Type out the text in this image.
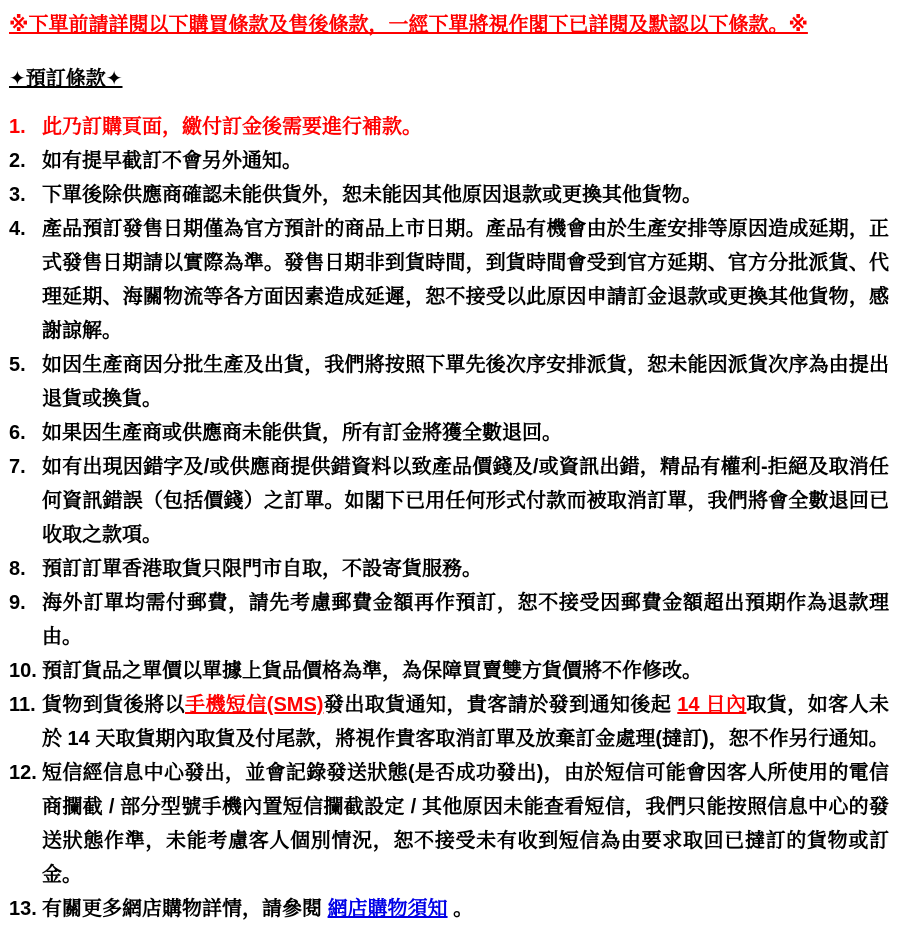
※下單前請詳閱以下購買條款及售後條款，一經下單將視作閣下已詳閱及默認以下條款。※
✦預訂條款✦
1. 此乃訂購頁面，繳付訂金後需要進行補款。
2. 如有提早截訂不會另外通知。
3. 下單後除供應商確認未能供貨外，恕未能因其他原因退款或更換其他貨物。
4. 產品預訂發售日期僅為官方預計的商品上市日期。產品有機會由於生產安排等原因造成延期，正式發售日期請以實際為準。發售日期非到貨時間，到貨時間會受到官方延期、官方分批派貨、代理延期、海關物流等各方面因素造成延遲，恕不接受以此原因申請訂金退款或更換其他貨物，感謝諒解。
5. 如因生產商因分批生產及出貨，我們將按照下單先後次序安排派貨，恕未能因派貨次序為由提出退貨或換貨。
6. 如果因生產商或供應商未能供貨，所有訂金將獲全數退回。
7. 如有出現因錯字及/或供應商提供錯資料以致產品價錢及/或資訊出錯，精品有權利-拒絕及取消任何資訊錯誤（包括價錢）之訂單。如閣下已用任何形式付款而被取消訂單，我們將會全數退回已收取之款項。
8. 預訂訂單香港取貨只限門市自取，不設寄貨服務。
9. 海外訂單均需付郵費，請先考慮郵費金額再作預訂，恕不接受因郵費金額超出預期作為退款理由。
10. 預訂貨品之單價以單據上貨品價格為準，為保障買賣雙方貨價將不作修改。
11. 貨物到貨後將以手機短信(SMS)發出取貨通知，貴客請於發到通知後起 14 日內取貨，如客人未於 14 天取貨期內取貨及付尾款，將視作貴客取消訂單及放棄訂金處理(撻訂)，恕不作另行通知。
12. 短信經信息中心發出，並會記錄發送狀態(是否成功發出)，由於短信可能會因客人所使用的電信商攔截 / 部分型號手機內置短信攔截設定 / 其他原因未能查看短信，我們只能按照信息中心的發送狀態作準，未能考慮客人個別情況，恕不接受未有收到短信為由要求取回已撻訂的貨物或訂金。
13. 有關更多網店購物詳情，請參閱 網店購物須知 。
